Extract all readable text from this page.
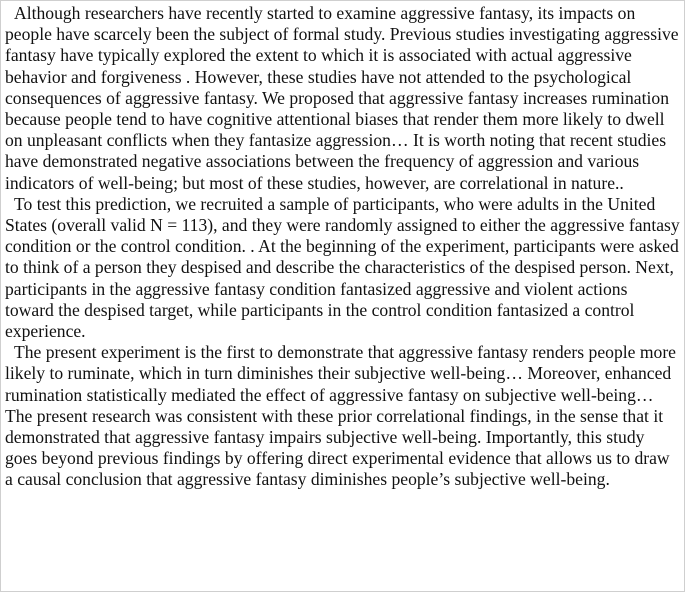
Although researchers have recently started to examine aggressive fantasy, its impacts on people have scarcely been the subject of formal study. Previous studies investigating aggressive fantasy have typically explored the extent to which it is associated with actual aggressive behavior and forgiveness . However, these studies have not attended to the psychological consequences of aggressive fantasy. We proposed that aggressive fantasy increases rumination because people tend to have cognitive attentional biases that render them more likely to dwell on unpleasant conflicts when they fantasize aggression… It is worth noting that recent studies have demonstrated negative associations between the frequency of aggression and various indicators of well-being; but most of these studies, however, are correlational in nature..

To test this prediction, we recruited a sample of participants, who were adults in the United States (overall valid N = 113), and they were randomly assigned to either the aggressive fantasy condition or the control condition. . At the beginning of the experiment, participants were asked to think of a person they despised and describe the characteristics of the despised person. Next, participants in the aggressive fantasy condition fantasized aggressive and violent actions toward the despised target, while participants in the control condition fantasized a control experience.

The present experiment is the first to demonstrate that aggressive fantasy renders people more likely to ruminate, which in turn diminishes their subjective well-being… Moreover, enhanced rumination statistically mediated the effect of aggressive fantasy on subjective well-being… The present research was consistent with these prior correlational findings, in the sense that it demonstrated that aggressive fantasy impairs subjective well-being. Importantly, this study goes beyond previous findings by offering direct experimental evidence that allows us to draw a causal conclusion that aggressive fantasy diminishes people’s subjective well-being.
